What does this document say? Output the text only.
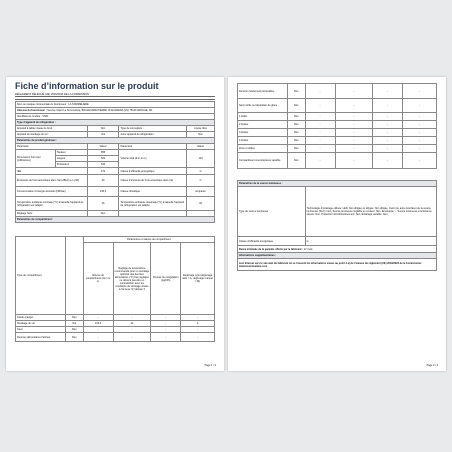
Fiche d’information sur le produit
RÈGLEMENT DÉLÉGUÉ (UE) 2019/2016 DE LA COMMISSION
Nom ou marque commerciale du fournisseur : LA SOMMELIERE			
Adresse du fournisseur : Service Client La Sommelière, BOULEVARD PIERRE 18 AUGRENA (VS) 75130 ARNAGE, FR			
Identifiant du modèle : VN01			
Type d’appareil de réfrigération :			
Appareil à faible niveau de bruit :	Non	Type de conception :	à pose libre
Appareil de stockage du vin :	Oui	Autre appareil de réfrigération :	Non
Paramètres du produit généraux :			
Paramètre		Valeur	Paramètre	Valeur
Dimensions hors tout (millimètres)	Hauteur	855	Volume total (dm³ ou L)	123
	Largeur	500		
	Profondeur	540		
IEE		170	Classe d’efficacité énergétique	G
Émissions de bruit acoustique dans l’air [dB(A) re 1 pW]		40	Classe d’émission de bruit acoustique dans l’air	C
Consommation d’énergie annuelle (kWh/an)		145,0	Classe climatique :	tempérée
Température ambiante minimale (°C) à laquelle l’appareil de réfrigération est adapté		16	Température ambiante maximale (°C) à laquelle l’appareil de réfrigération est adapté	32
Réglage hiver		Non		
Paramètres du compartiment :				
Type de compartiment		Paramètres et valeurs de compartiment			
		Volume de compartiment (dm³ ou L)	Réglage de température recommandé pour un stockage optimisé des denrées alimentaires (°C) Ces réglages ne doivent pas être en contradiction avec les conditions de stockage visées à l’annexe IV, tableau 3	Pouvoir de congélation (kg/24h)	Dégivrage type (dégivrage auto = A, dégivrage manuel = M)
Garde-manger	Non	-	-	-	-
Stockage du vin	Oui	123,0	12	-	A
Cave	Non	-	-	-	-
Denrées alimentaires fraîches	Non	-	-	-	-
Page 1 / 2
Denrées hautement périssables	Non	-	-	-	-
Sans étoile ou fabrication de glace	Non	-	-	-	-
1 étoile	Non	-	-	-	-
2 étoiles	Non	-	-	-	-
3 étoiles	Non	-	-	-	-
4 étoiles	Non	-	-	-	-
Zone 2 étoiles	Non	-	-	-	-
Compartiment à température variable	Non	-	-	-	-
Paramètres de la source lumineuse :	
Type de source lumineuse	Technologie d’éclairage utilisée: LED, Non dirigée ou dirigée: Non dirigée, Culot (ou autre interface) de la source lumineuse (SLC): Non, Source lumineuse réglable en couleur: Non, Enveloppe: -, Source lumineuse à luminance élevée: Non, Protection anti-éblouissement: Non, Éclairage variable: Non
Classe d’efficacité énergétique	G
Durée minimale de la garantie offerte par le fabricant : 12 mois	
Informations supplémentaires :	
Lien Internet vers le site web du fabricant où se trouvent les informations visées au point 4 a) de l’annexe du règlement (UE) 2019/2023 de la Commission: www.lasommeliere.com	
Page 2 / 2
